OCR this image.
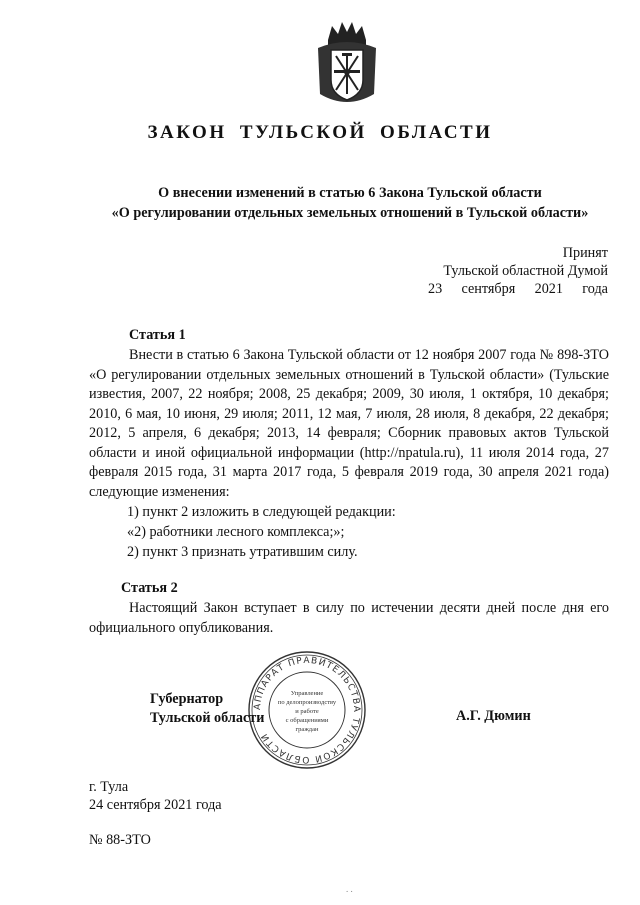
ЗАКОН ТУЛЬСКОЙ ОБЛАСТИ
О внесении изменений в статью 6 Закона Тульской области
«О регулировании отдельных земельных отношений в Тульской области»
Принят
Тульской областной Думой
23 сентября 2021 года
Статья 1
Внести в статью 6 Закона Тульской области от 12 ноября 2007 года № 898-ЗТО «О регулировании отдельных земельных отношений в Тульской области» (Тульские известия, 2007, 22 ноября; 2008, 25 декабря; 2009, 30 июля, 1 октября, 10 декабря; 2010, 6 мая, 10 июня, 29 июля; 2011, 12 мая, 7 июля, 28 июля, 8 декабря, 22 декабря; 2012, 5 апреля, 6 декабря; 2013, 14 февраля; Сборник правовых актов Тульской области и иной официальной информации (http://npatula.ru), 11 июля 2014 года, 27 февраля 2015 года, 31 марта 2017 года, 5 февраля 2019 года, 30 апреля 2021 года) следующие изменения:
1) пункт 2 изложить в следующей редакции:
«2) работники лесного комплекса;»;
2) пункт 3 признать утратившим силу.
Статья 2
Настоящий Закон вступает в силу по истечении десяти дней после дня его официального опубликования.
АППАРАТ ПРАВИТЕЛЬСТВА ТУЛЬСКОЙ ОБЛАСТИ
Управление
по делопроизводству
и работе
с обращениями
граждан
Губернатор
Тульской области	А.Г. Дюмин
г. Тула
24 сентября 2021 года
№ 88-ЗТО
. .
